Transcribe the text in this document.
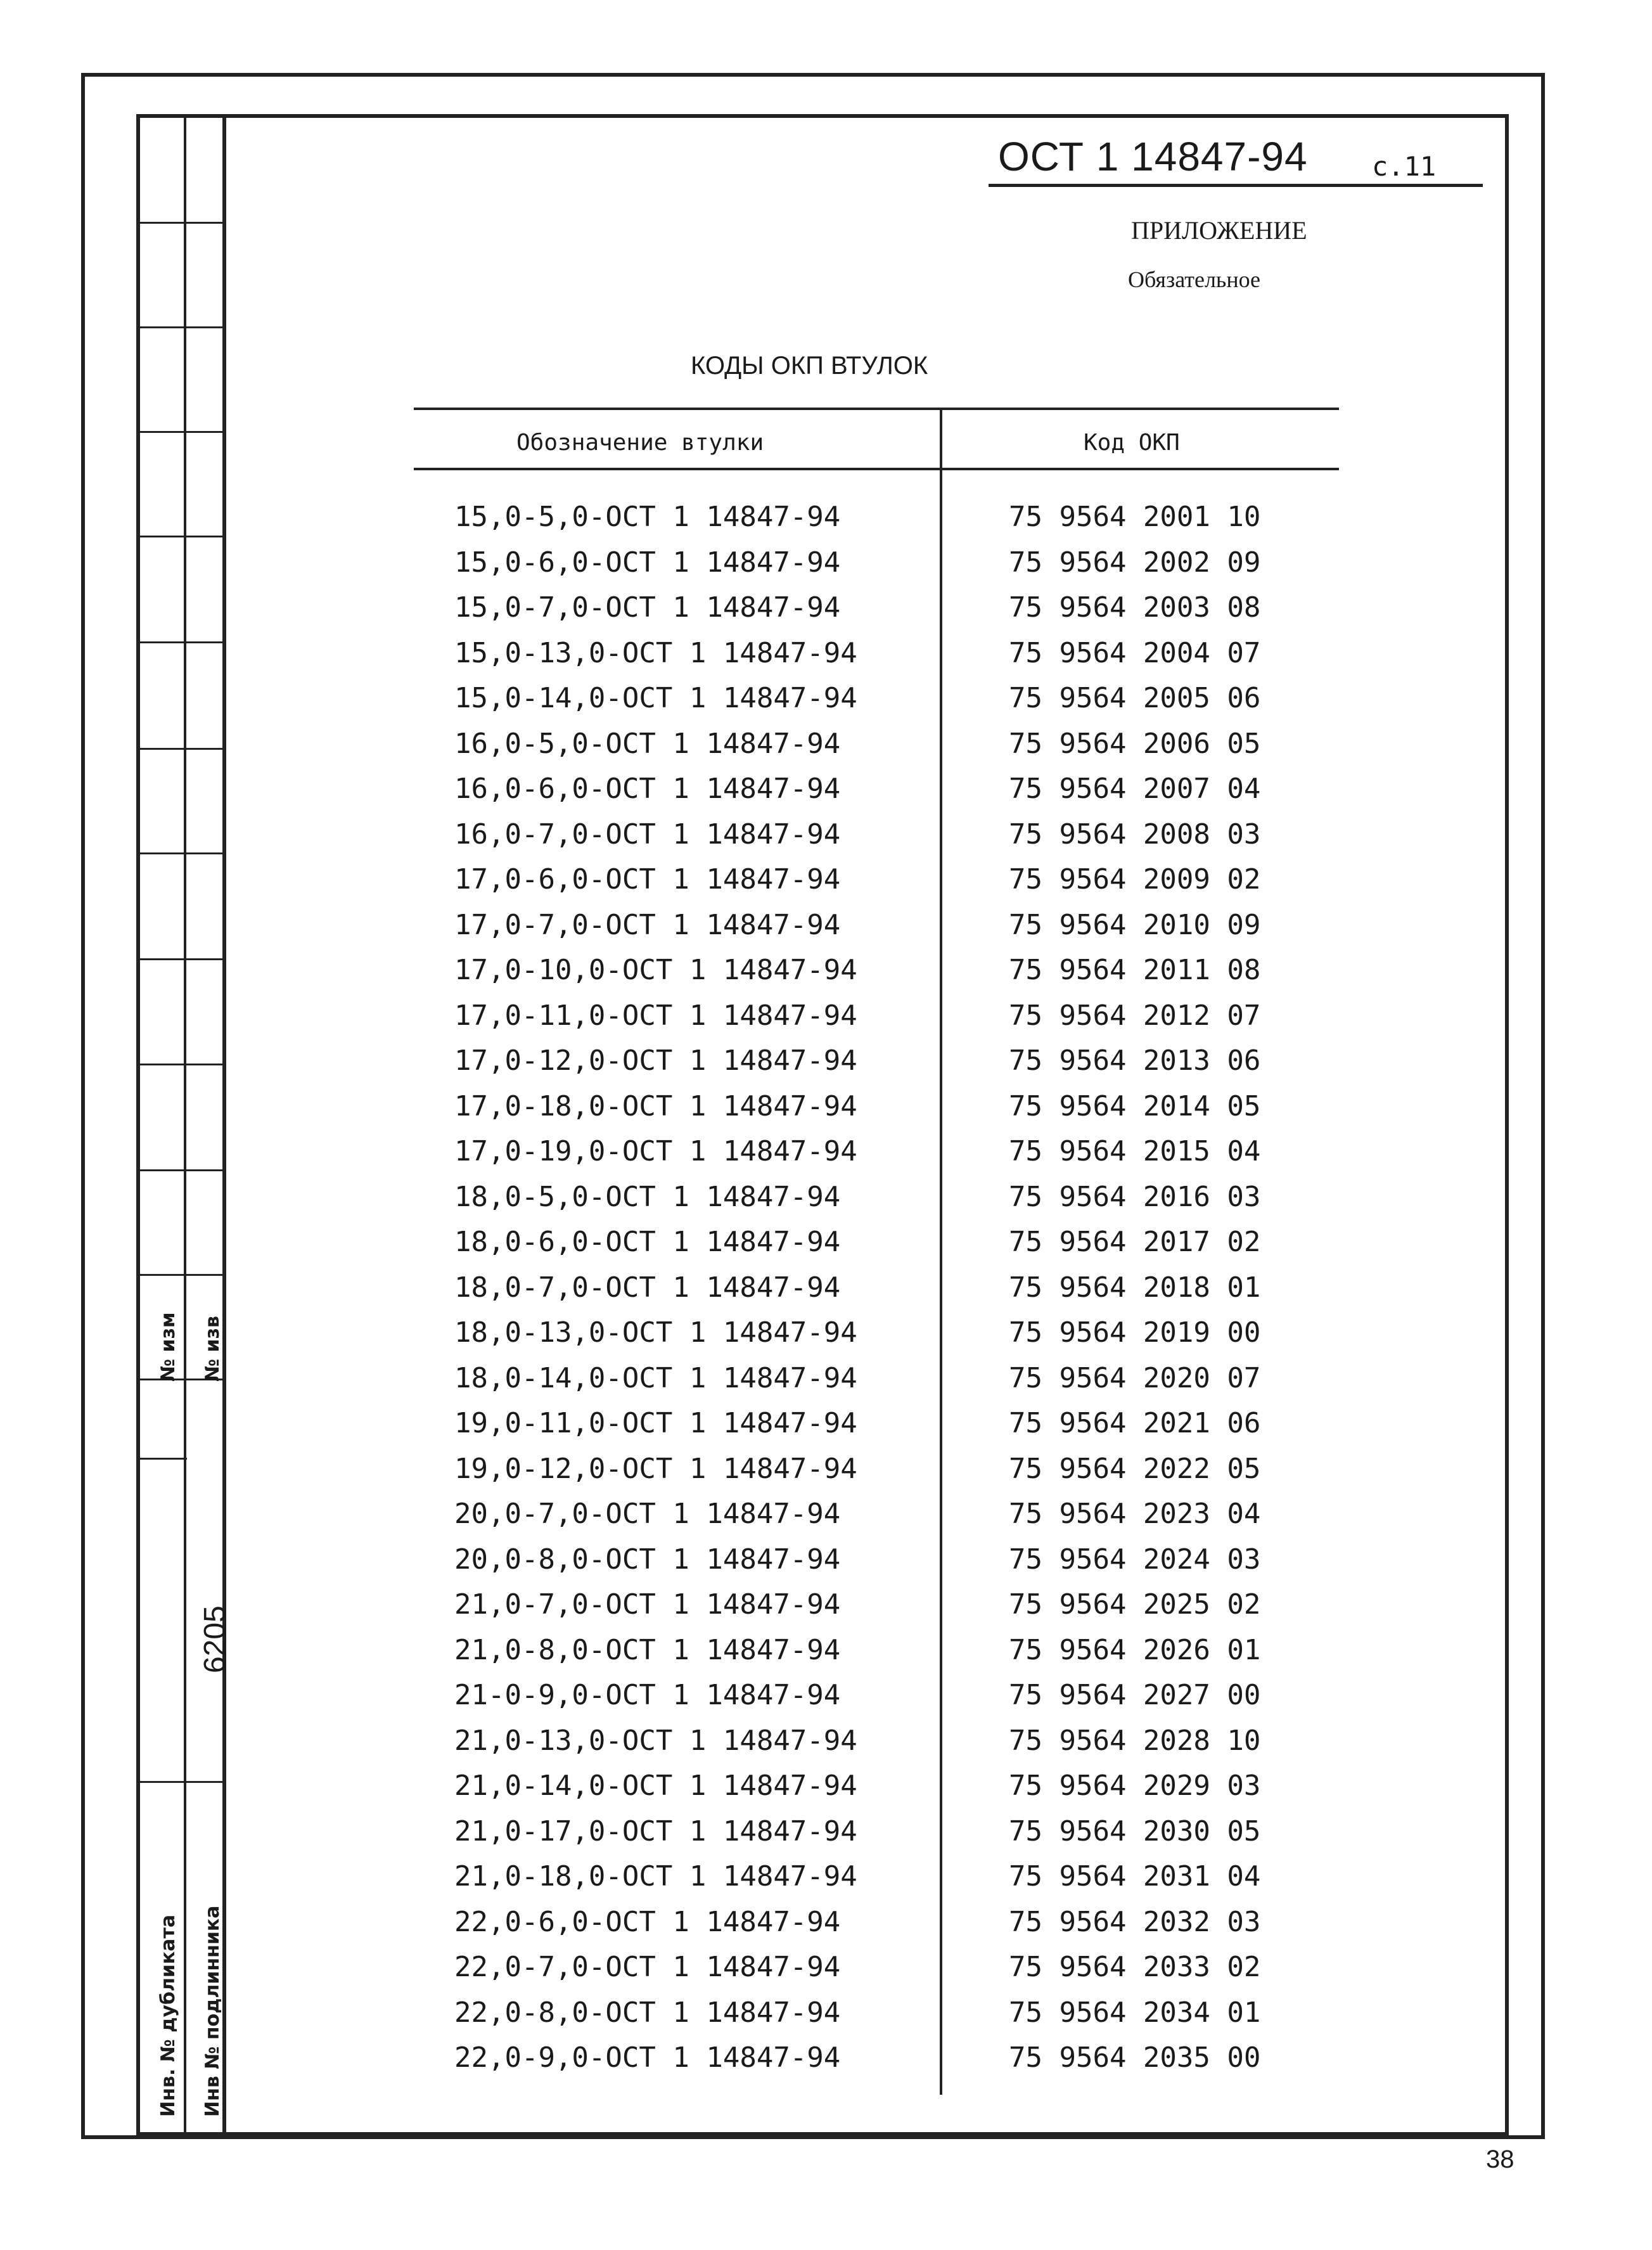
№ изм № изв
Инв. № дубликата Инв № подлинника
6205
ОСТ 1 14847-94 с.11
ПРИЛОЖЕНИЕ
Обязательное
КОДЫ ОКП ВТУЛОК
Обозначение втулки	Код ОКП
15,0-5,0-ОСТ 1 14847-94	75 9564 2001 10
15,0-6,0-ОСТ 1 14847-94	75 9564 2002 09
15,0-7,0-ОСТ 1 14847-94	75 9564 2003 08
15,0-13,0-ОСТ 1 14847-94	75 9564 2004 07
15,0-14,0-ОСТ 1 14847-94	75 9564 2005 06
16,0-5,0-ОСТ 1 14847-94	75 9564 2006 05
16,0-6,0-ОСТ 1 14847-94	75 9564 2007 04
16,0-7,0-ОСТ 1 14847-94	75 9564 2008 03
17,0-6,0-ОСТ 1 14847-94	75 9564 2009 02
17,0-7,0-ОСТ 1 14847-94	75 9564 2010 09
17,0-10,0-ОСТ 1 14847-94	75 9564 2011 08
17,0-11,0-ОСТ 1 14847-94	75 9564 2012 07
17,0-12,0-ОСТ 1 14847-94	75 9564 2013 06
17,0-18,0-ОСТ 1 14847-94	75 9564 2014 05
17,0-19,0-ОСТ 1 14847-94	75 9564 2015 04
18,0-5,0-ОСТ 1 14847-94	75 9564 2016 03
18,0-6,0-ОСТ 1 14847-94	75 9564 2017 02
18,0-7,0-ОСТ 1 14847-94	75 9564 2018 01
18,0-13,0-ОСТ 1 14847-94	75 9564 2019 00
18,0-14,0-ОСТ 1 14847-94	75 9564 2020 07
19,0-11,0-ОСТ 1 14847-94	75 9564 2021 06
19,0-12,0-ОСТ 1 14847-94	75 9564 2022 05
20,0-7,0-ОСТ 1 14847-94	75 9564 2023 04
20,0-8,0-ОСТ 1 14847-94	75 9564 2024 03
21,0-7,0-ОСТ 1 14847-94	75 9564 2025 02
21,0-8,0-ОСТ 1 14847-94	75 9564 2026 01
21-0-9,0-ОСТ 1 14847-94	75 9564 2027 00
21,0-13,0-ОСТ 1 14847-94	75 9564 2028 10
21,0-14,0-ОСТ 1 14847-94	75 9564 2029 03
21,0-17,0-ОСТ 1 14847-94	75 9564 2030 05
21,0-18,0-ОСТ 1 14847-94	75 9564 2031 04
22,0-6,0-ОСТ 1 14847-94	75 9564 2032 03
22,0-7,0-ОСТ 1 14847-94	75 9564 2033 02
22,0-8,0-ОСТ 1 14847-94	75 9564 2034 01
22,0-9,0-ОСТ 1 14847-94	75 9564 2035 00
38
